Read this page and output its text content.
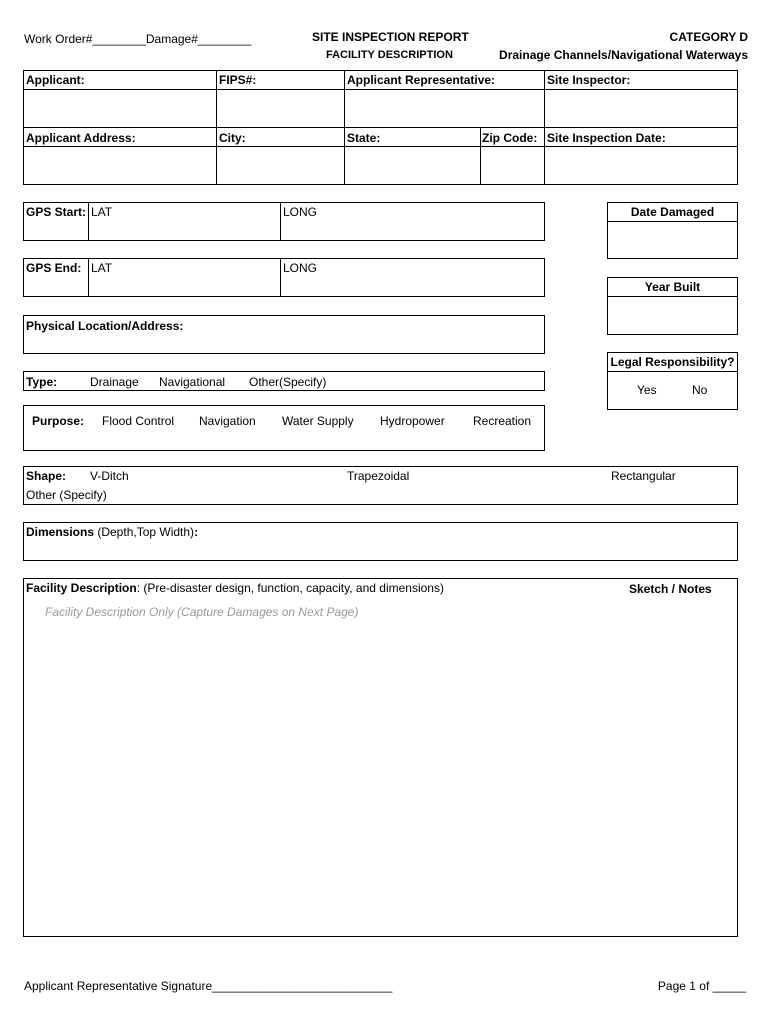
Work Order#________Damage#________	SITE INSPECTION REPORT
FACILITY DESCRIPTION
CATEGORY D
Drainage Channels/Navigational Waterways
Applicant:	FIPS#:	Applicant Representative:	Site Inspector:
Applicant Address:	City:	State:	Zip Code: Site Inspection Date:
GPS Start: LAT	LONG
GPS End: LAT	LONG
Date Damaged
Year Built
Legal Responsibility?
Yes	No
Physical Location/Address:
Type:	Drainage Navigational Other(Specify)
Purpose: Flood Control Navigation Water Supply Hydropower Recreation
Shape: V-Ditch	Trapezoidal	Rectangular
Other (Specify)
Dimensions (Depth,Top Width):
Facility Description: (Pre-disaster design, function, capacity, and dimensions)	Sketch / Notes
Facility Description Only (Capture Damages on Next Page)
Applicant Representative Signature___________________________	Page 1 of _____
